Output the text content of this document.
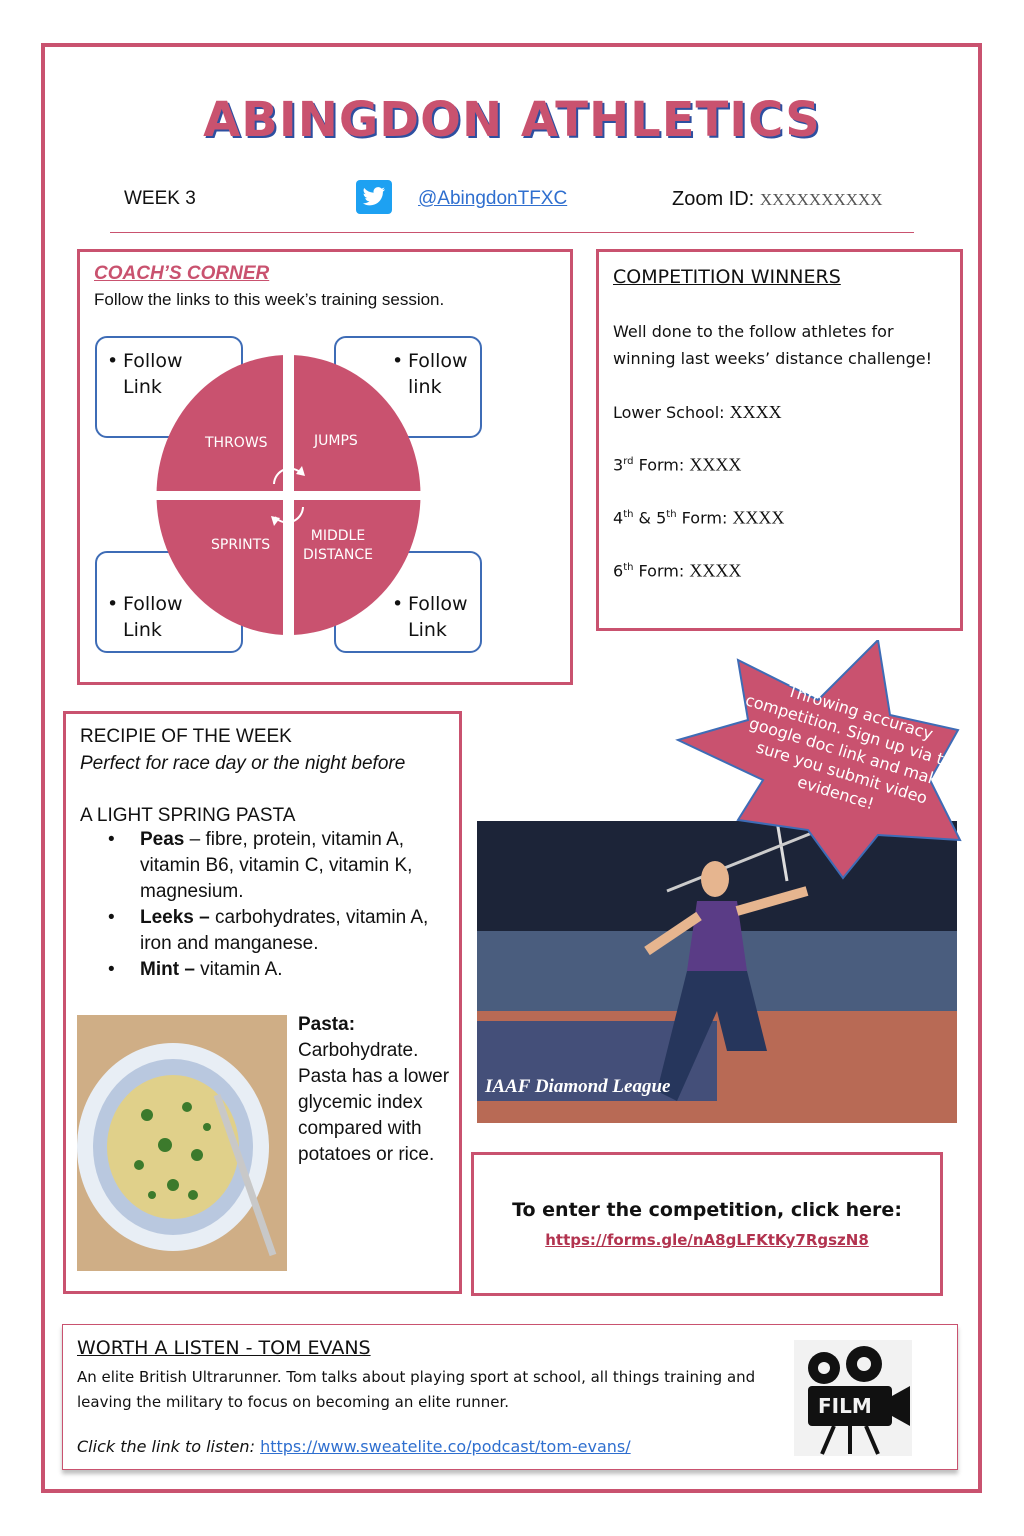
ABINGDON ATHLETICS
WEEK 3	@AbingdonTFXC	Zoom ID: XXXXXXXXXX
COACH’S CORNER
Follow the links to this week’s training session.
• Follow
Link
• Follow
link
• Follow
Link
• Follow
Link
THROWS	JUMPS
SPRINTS
MIDDLE
DISTANCE
COMPETITION WINNERS

Well done to the follow athletes for winning last weeks’ distance challenge!

Lower School: XXXX

3rd Form: XXXX

4th & 5th Form: XXXX

6th Form: XXXX

RECIPIE OF THE WEEK
Perfect for race day or the night before
A LIGHT SPRING PASTA
• Peas – fibre, protein, vitamin A, vitamin B6, vitamin C, vitamin K, magnesium.
• Leeks – carbohydrates, vitamin A, iron and manganese.
• Mint – vitamin A.
Pasta:
Carbohydrate. Pasta has a lower glycemic index compared with potatoes or rice.
IAAF Diamond League
Throwing accuracy competition. Sign up via the google doc link and make sure you submit video evidence!
To enter the competition, click here:
https://forms.gle/nA8gLFKtKy7RgszN8
WORTH A LISTEN - TOM EVANS
An elite British Ultrarunner. Tom talks about playing sport at school, all things training and leaving the military to focus on becoming an elite runner.
Click the link to listen: https://www.sweatelite.co/podcast/tom-evans/
FILM
